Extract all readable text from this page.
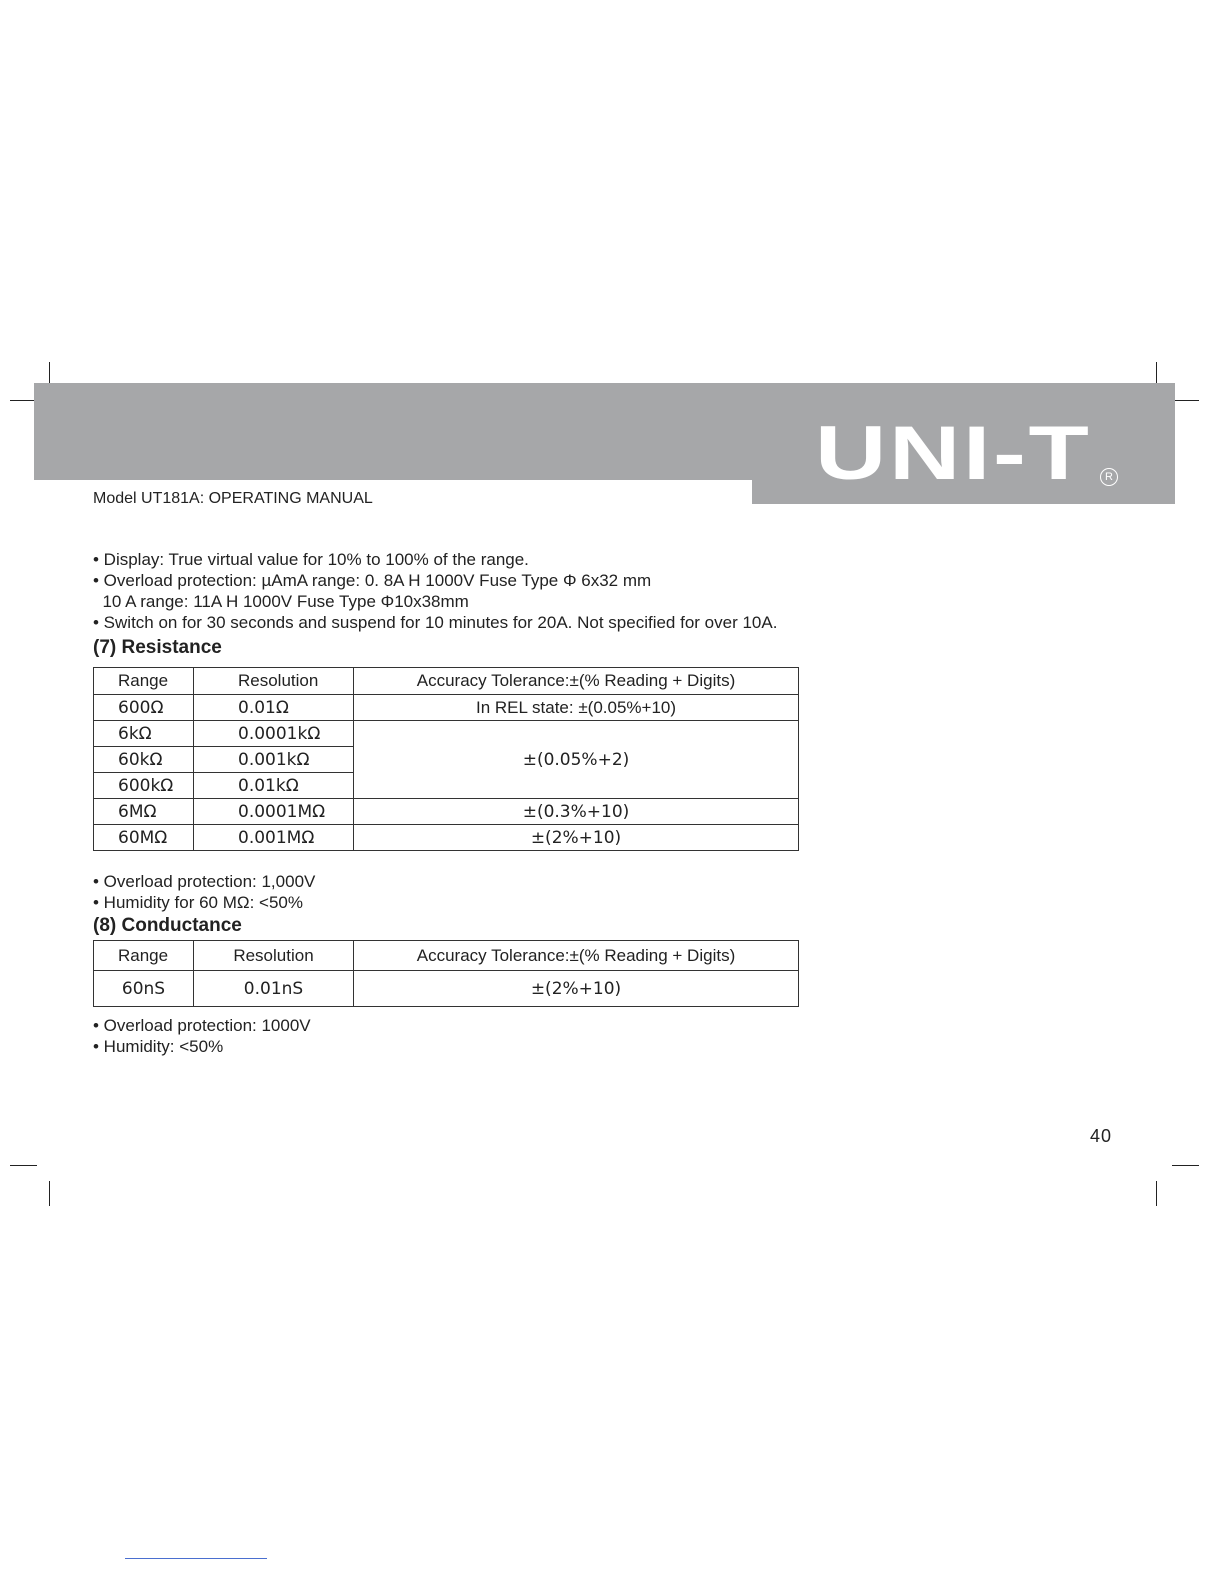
UNI-T	R
Model UT181A: OPERATING MANUAL
• Display: True virtual value for 10% to 100% of the range.
• Overload protection: µAmA range: 0. 8A H 1000V Fuse Type Φ 6x32 mm
10 A range: 11A H 1000V Fuse Type Φ10x38mm
• Switch on for 30 seconds and suspend for 10 minutes for 20A. Not specified for over 10A.
(7) Resistance
Range	Resolution	Accuracy Tolerance:±(% Reading + Digits)
600Ω	0.01Ω	In REL state: ±(0.05%+10)
6kΩ	0.0001kΩ	±(0.05%+2)
60kΩ	0.001kΩ	
600kΩ	0.01kΩ	
6MΩ	0.0001MΩ	±(0.3%+10)
60MΩ	0.001MΩ	±(2%+10)
• Overload protection: 1,000V
• Humidity for 60 MΩ: <50%
(8) Conductance
Range	Resolution	Accuracy Tolerance:±(% Reading + Digits)
60nS	0.01nS	±(2%+10)
• Overload protection: 1000V
• Humidity: <50%
40
